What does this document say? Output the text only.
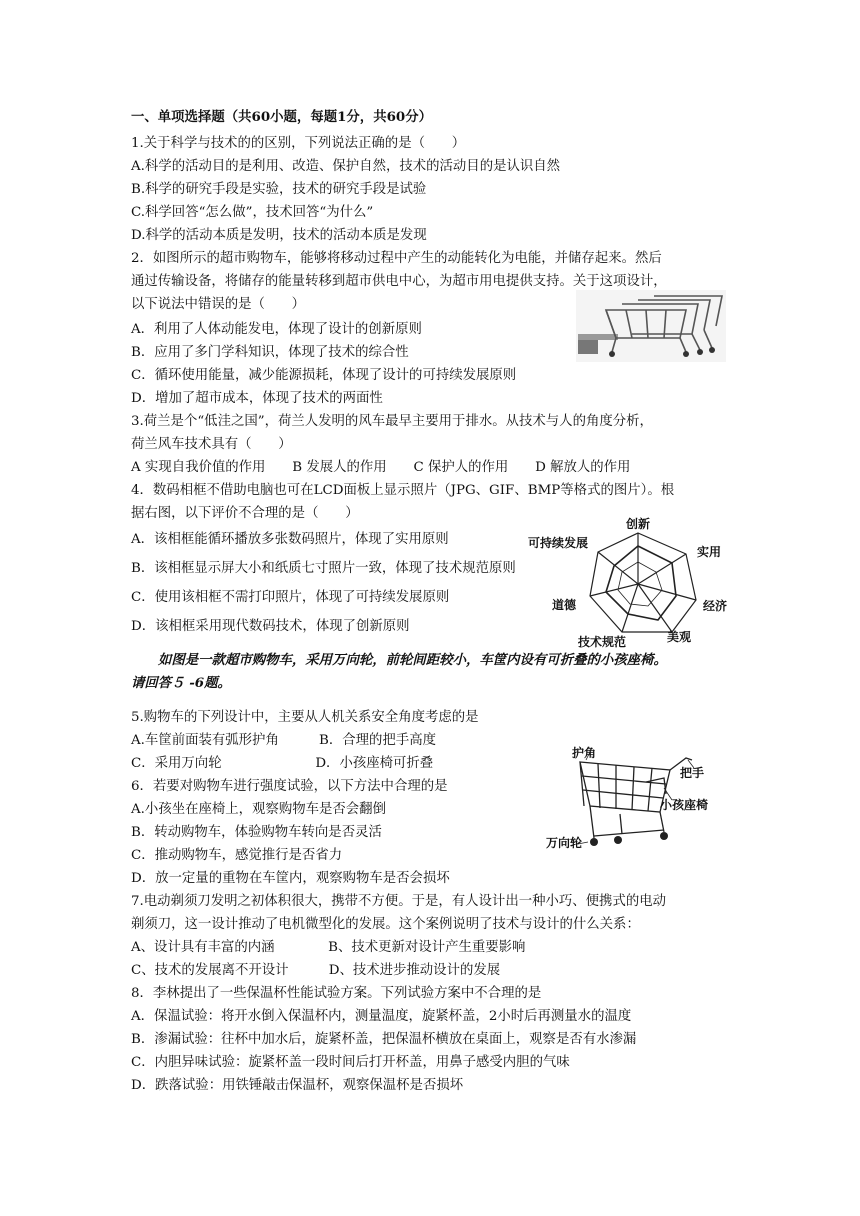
一、单项选择题（共60小题，每题1分，共60分）
1.关于科学与技术的的区别，下列说法正确的是（　　）
A.科学的活动目的是利用、改造、保护自然，技术的活动目的是认识自然
B.科学的研究手段是实验，技术的研究手段是试验
C.科学回答“怎么做”，技术回答“为什么”
D.科学的活动本质是发明，技术的活动本质是发现
2．如图所示的超市购物车，能够将移动过程中产生的动能转化为电能，并储存起来。然后
通过传输设备，将储存的能量转移到超市供电中心，为超市用电提供支持。关于这项设计，
以下说法中错误的是（　　）
A．利用了人体动能发电，体现了设计的创新原则
B．应用了多门学科知识，体现了技术的综合性
C．循环使用能量，减少能源损耗，体现了设计的可持续发展原则
D．增加了超市成本，体现了技术的两面性
3.荷兰是个“低洼之国”，荷兰人发明的风车最早主要用于排水。从技术与人的角度分析，
荷兰风车技术具有（　　）
A 实现自我价值的作用　　B 发展人的作用　　C 保护人的作用　　D 解放人的作用
4．数码相框不借助电脑也可在LCD面板上显示照片（JPG、GIF、BMP等格式的图片）。根
据右图，以下评价不合理的是（　　）
A．该相框能循环播放多张数码照片，体现了实用原则
B．该相框显示屏大小和纸质七寸照片一致，体现了技术规范原则
C．使用该相框不需打印照片，体现了可持续发展原则
D．该相框采用现代数码技术，体现了创新原则
创新
实用
经济
美观
技术规范
道德
可持续发展
如图是一款超市购物车，采用万向轮，前轮间距较小，车筐内设有可折叠的小孩座椅。
请回答５ -6题。
5.购物车的下列设计中，主要从人机关系安全角度考虑的是
A.车筐前面装有弧形护角　　　B．合理的把手高度
C．采用万向轮　　　　　　　D．小孩座椅可折叠
6．若要对购物车进行强度试验，以下方法中合理的是
A.小孩坐在座椅上，观察购物车是否会翻倒
B．转动购物车，体验购物车转向是否灵活
C．推动购物车，感觉推行是否省力
D．放一定量的重物在车筐内，观察购物车是否会损坏
护角
把手
小孩座椅
万向轮
7.电动剃须刀发明之初体积很大，携带不方便。于是，有人设计出一种小巧、便携式的电动
剃须刀，这一设计推动了电机微型化的发展。这个案例说明了技术与设计的什么关系：
A、设计具有丰富的内涵　　　　B、技术更新对设计产生重要影响
C、技术的发展离不开设计　　　D、技术进步推动设计的发展
8．李林提出了一些保温杯性能试验方案。下列试验方案中不合理的是
A．保温试验：将开水倒入保温杯内，测量温度，旋紧杯盖，2小时后再测量水的温度
B．渗漏试验：往杯中加水后，旋紧杯盖，把保温杯横放在桌面上，观察是否有水渗漏
C．内胆异味试验：旋紧杯盖一段时间后打开杯盖，用鼻子感受内胆的气味
D．跌落试验：用铁锤敲击保温杯，观察保温杯是否损坏
